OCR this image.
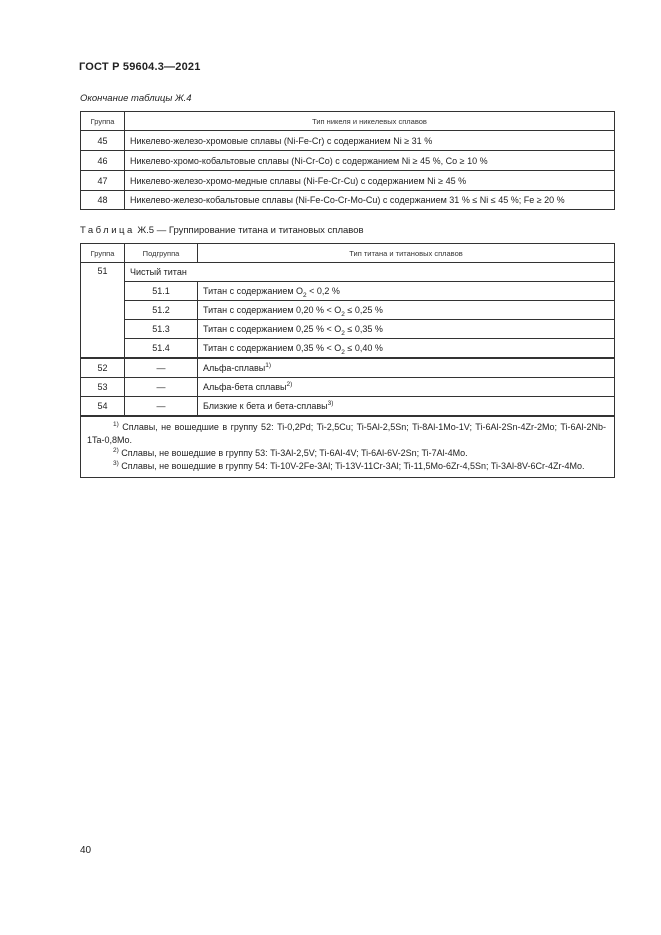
ГОСТ Р 59604.3—2021
Окончание таблицы Ж.4
Группа	Тип никеля и никелевых сплавов
45	Никелево-железо-хромовые сплавы (Ni-Fe-Cr) с содержанием Ni ≥ 31 %
46	Никелево-хромо-кобальтовые сплавы (Ni-Cr-Co) с содержанием Ni ≥ 45 %, Co ≥ 10 %
47	Никелево-железо-хромо-медные сплавы (Ni-Fe-Cr-Cu) с содержанием Ni ≥ 45 %
48	Никелево-железо-кобальтовые сплавы (Ni-Fe-Co-Cr-Mo-Cu) с содержанием 31 % ≤ Ni ≤ 45 %; Fe ≥ 20 %
Таблица Ж.5 — Группирование титана и титановых сплавов
Группа	Подгруппа	Тип титана и титановых сплавов
51	Чистый титан	
	51.1	Титан с содержанием $O_2 < 0,2$ %
	51.2	Титан с содержанием 0,20 % < $O_2 \le 0,25$ %
	51.3	Титан с содержанием 0,25 % < $O_2 \le 0,35$ %
	51.4	Титан с содержанием 0,35 % < $O_2 \le 0,40$ %
52	—	Альфа-сплавы$^{1)}$
53	—	Альфа-бета сплавы$^{2)}$
54	—	Близкие к бета и бета-сплавы$^{3)}$

$^{1)}$ Сплавы, не вошедшие в группу 52: Ti-0,2Pd; Ti-2,5Cu; Ti-5Al-2,5Sn; Ti-8Al-1Mo-1V; Ti-6Al-2Sn-4Zr-2Mo; Ti-6Al-2Nb-1Ta-0,8Mo.
$^{2)}$ Сплавы, не вошедшие в группу 53: Ti-3Al-2,5V; Ti-6Al-4V; Ti-6Al-6V-2Sn; Ti-7Al-4Mo.
$^{3)}$ Сплавы, не вошедшие в группу 54: Ti-10V-2Fe-3Al; Ti-13V-11Cr-3Al; Ti-11,5Mo-6Zr-4,5Sn; Ti-3Al-8V-6Cr-4Zr-4Mo.		
40
